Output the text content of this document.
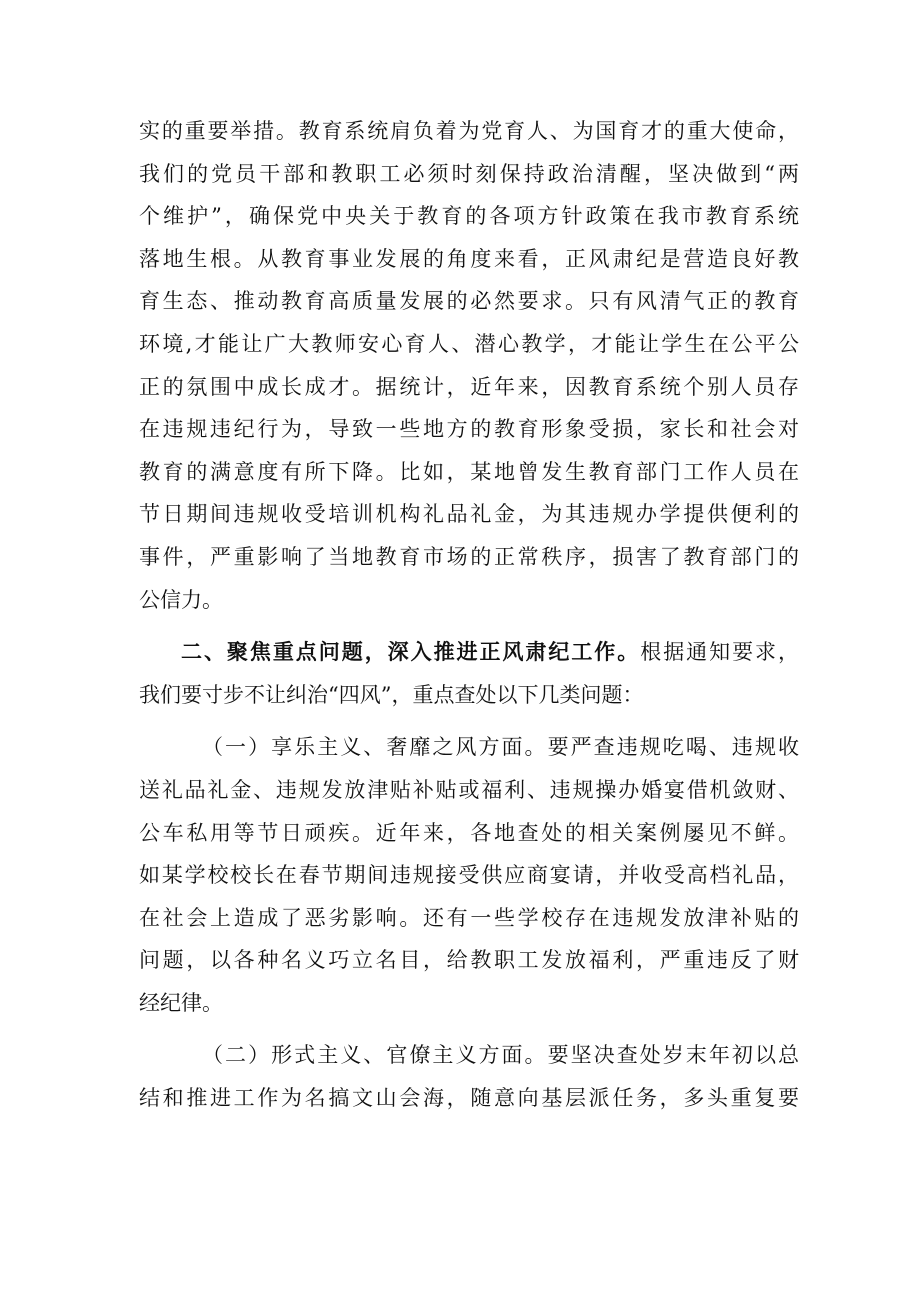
实的重要举措。教育系统肩负着为党育人、为国育才的重大使命，
我们的党员干部和教职工必须时刻保持政治清醒，坚决做到“两
个维护”，确保党中央关于教育的各项方针政策在我市教育系统
落地生根。从教育事业发展的角度来看，正风肃纪是营造良好教
育生态、推动教育高质量发展的必然要求。只有风清气正的教育
环境,才能让广大教师安心育人、潜心教学，才能让学生在公平公
正的氛围中成长成才。据统计，近年来，因教育系统个别人员存
在违规违纪行为，导致一些地方的教育形象受损，家长和社会对
教育的满意度有所下降。比如，某地曾发生教育部门工作人员在
节日期间违规收受培训机构礼品礼金，为其违规办学提供便利的
事件，严重影响了当地教育市场的正常秩序，损害了教育部门的
公信力。
二、聚焦重点问题，深入推进正风肃纪工作。根据通知要求，
我们要寸步不让纠治“四风”，重点查处以下几类问题：
（一）享乐主义、奢靡之风方面。要严查违规吃喝、违规收
送礼品礼金、违规发放津贴补贴或福利、违规操办婚宴借机敛财、
公车私用等节日顽疾。近年来，各地查处的相关案例屡见不鲜。
如某学校校长在春节期间违规接受供应商宴请，并收受高档礼品，
在社会上造成了恶劣影响。还有一些学校存在违规发放津补贴的
问题，以各种名义巧立名目，给教职工发放福利，严重违反了财
经纪律。
（二）形式主义、官僚主义方面。要坚决查处岁末年初以总
结和推进工作为名搞文山会海，随意向基层派任务，多头重复要
